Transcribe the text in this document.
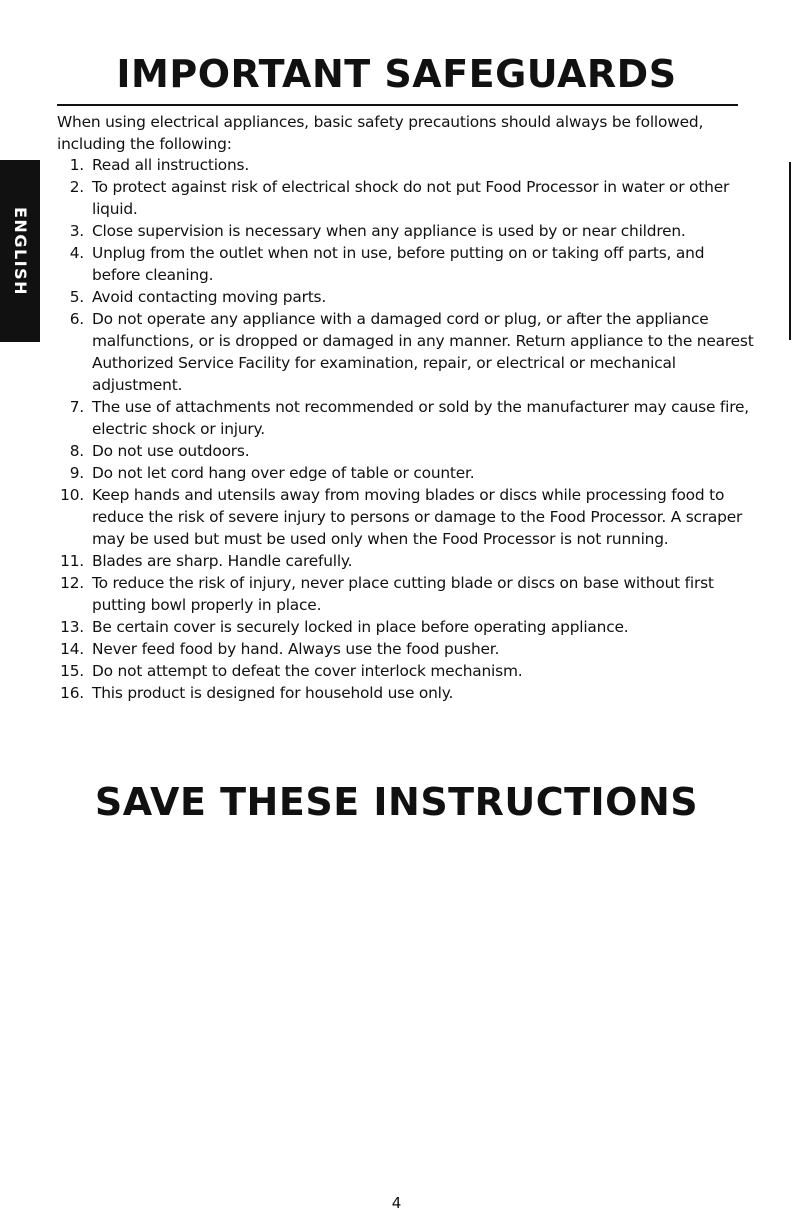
IMPORTANT SAFEGUARDS
ENGLISH

When using electrical appliances, basic safety precautions should always be followed, including the following:

1. Read all instructions.
2. To protect against risk of electrical shock do not put Food Processor in water or other liquid.
3. Close supervision is necessary when any appliance is used by or near children.
4. Unplug from the outlet when not in use, before putting on or taking off parts, and before cleaning.
5. Avoid contacting moving parts.
6. Do not operate any appliance with a damaged cord or plug, or after the appliance malfunctions, or is dropped or damaged in any manner. Return appliance to the nearest Authorized Service Facility for examination, repair, or electrical or mechanical adjustment.
7. The use of attachments not recommended or sold by the manufacturer may cause fire, electric shock or injury.
8. Do not use outdoors.
9. Do not let cord hang over edge of table or counter.
10. Keep hands and utensils away from moving blades or discs while processing food to reduce the risk of severe injury to persons or damage to the Food Processor. A scraper may be used but must be used only when the Food Processor is not running.
11. Blades are sharp. Handle carefully.
12. To reduce the risk of injury, never place cutting blade or discs on base without first putting bowl properly in place.
13. Be certain cover is securely locked in place before operating appliance.
14. Never feed food by hand. Always use the food pusher.
15. Do not attempt to defeat the cover interlock mechanism.
16. This product is designed for household use only.
SAVE THESE INSTRUCTIONS
4
